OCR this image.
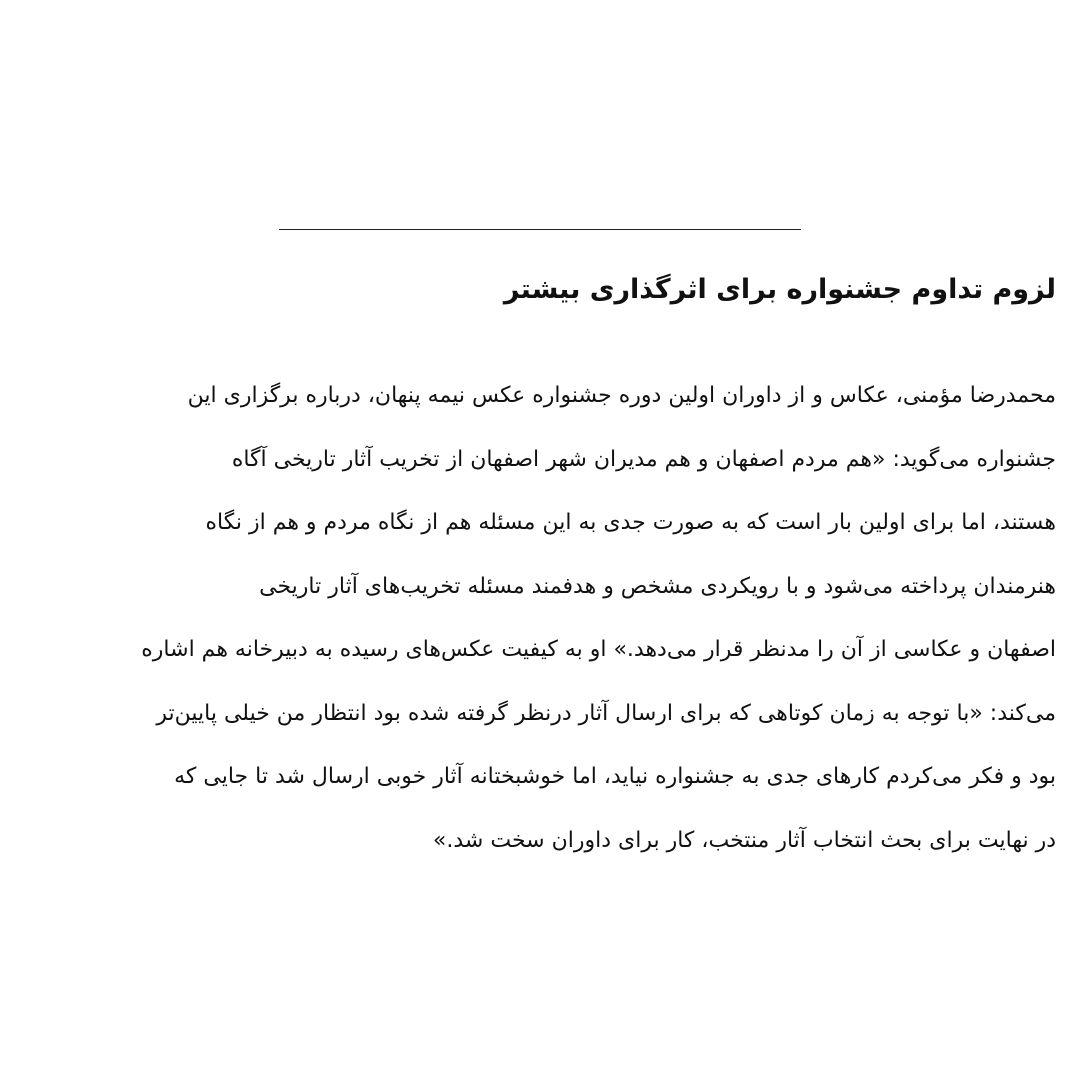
لزوم تداوم جشنواره برای اثرگذاری بیشتر
محمدرضا مؤمنی، عکاس و از داوران اولین دوره جشنواره عکس نیمه پنهان، درباره برگزاری این
جشنواره می‌گوید: «هم مردم اصفهان و هم مدیران شهر اصفهان از تخریب آثار تاریخی آگاه
هستند، اما برای اولین بار است که به صورت جدی به این مسئله هم از نگاه مردم و هم از نگاه
هنرمندان پرداخته می‌شود و با رویکردی مشخص و هدفمند مسئله تخریب‌های آثار تاریخی
اصفهان و عکاسی از آن را مدنظر قرار می‌دهد.» او به کیفیت عکس‌های رسیده به دبیرخانه هم اشاره
می‌کند: «با توجه به زمان کوتاهی که برای ارسال آثار درنظر گرفته شده بود انتظار من خیلی پایین‌تر
بود و فکر می‌کردم کارهای جدی به جشنواره نیاید، اما خوشبختانه آثار خوبی ارسال شد تا جایی که
در نهایت برای بحث انتخاب آثار منتخب، کار برای داوران سخت شد.»
